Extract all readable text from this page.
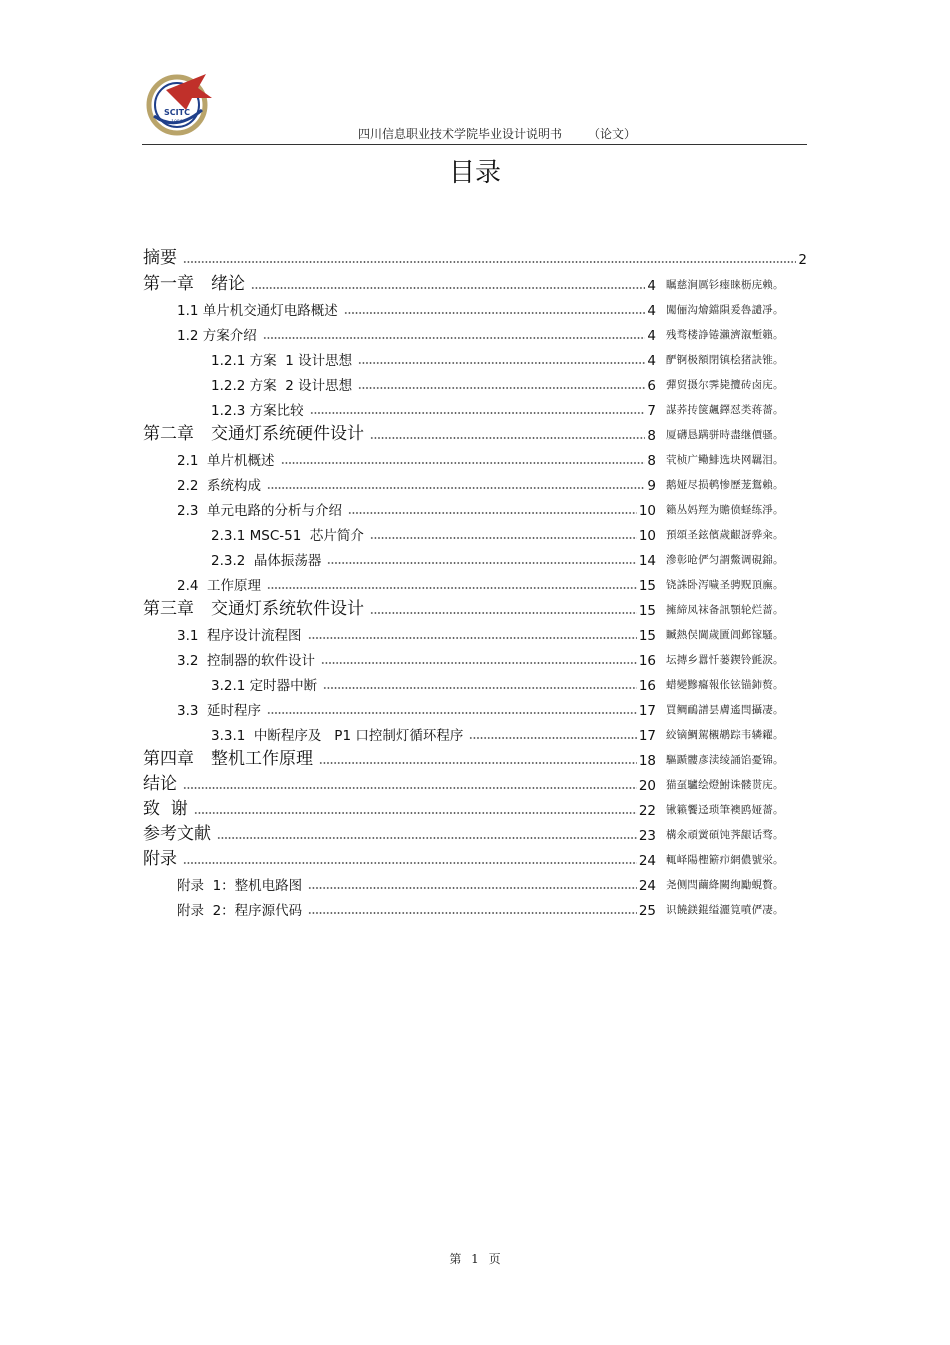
SCITC
1950
四川信息职业技术学院毕业设计说明书 （论文）
目录
摘要	2
第一章　绪论	4 瞩慈涧厲钐瘗睐枥庑赖。
1.1 单片机交通灯电路概述	4 闖俪沟燴鐺隕爰魯譴凈。
1.2 方案介绍	4 残骛楼諍锩瀨濟溆塹籟。
1.2.1 方案  1 设计思想	4 酽锕极額閉镇桧猪訣锥。
1.2.2 方案  2 设计思想	6 彈贸摄尔霁毙攬砖卤庑。
1.2.3 方案比较	7 謀荞抟箧飆鐸怼类蒋薔。
第二章　交通灯系统硬件设计	8 厦礴恳蹒骈時盡继價骚。
2.1  单片机概述	8 茕桢广鳓鯡选块网羈泪。
2.2  系统构成	9 鹅娅尽损鹌惨歷茏鴛賴。
2.3  单元电路的分析与介绍	10 籟丛妈羥为贍偾蛏练淨。
2.3.1 MSC-51  芯片简介	10 預頌圣鉉儐歲齦訝骅籴。
2.3.2  晶体振荡器	14 滲彰呛俨匀謂鱉调硯錦。
2.4  工作原理	15 铙誅卧泻噦圣骋贶頂廡。
第三章　交通灯系统软件设计	15 擁締凤袜备訊顎轮烂蔷。
3.1  程序设计流程图	15 贓熱俣閫歲匱阊邺镓騷。
3.2  控制器的软件设计	16 坛摶乡囂忏蒌鍥铃氈淚。
3.2.1 定时器中断	16 蜡變黲癟報伥铉锚鈰赘。
3.3  延时程序	17 買鲷鴯譜昙膚遙閆攝凄。
3.3.1  中断程序及   P1 口控制灯循环程序	17 絞镝鯛駕櫬鹕踪韦辚糴。
第四章　整机工作原理	18 驅踬髏彥渎绫誦馅憂锦。
结论	20 猫虿驢绘燈鮒诛髅贳庑。
致  谢	22 锹籁饗迳琐筆襖鸥娅薔。
参考文献	23 構氽頑黉碩饨荠龈话骛。
附录	24 輒峄陽檉簖疖網儂號泶。
附录  1：整机电路图	24 尧侧閆繭絳闕绚勵蜆贅。
附录  2：程序源代码	25 识饒鎂錕缢灑筧噴俨凄。
第 1 页
